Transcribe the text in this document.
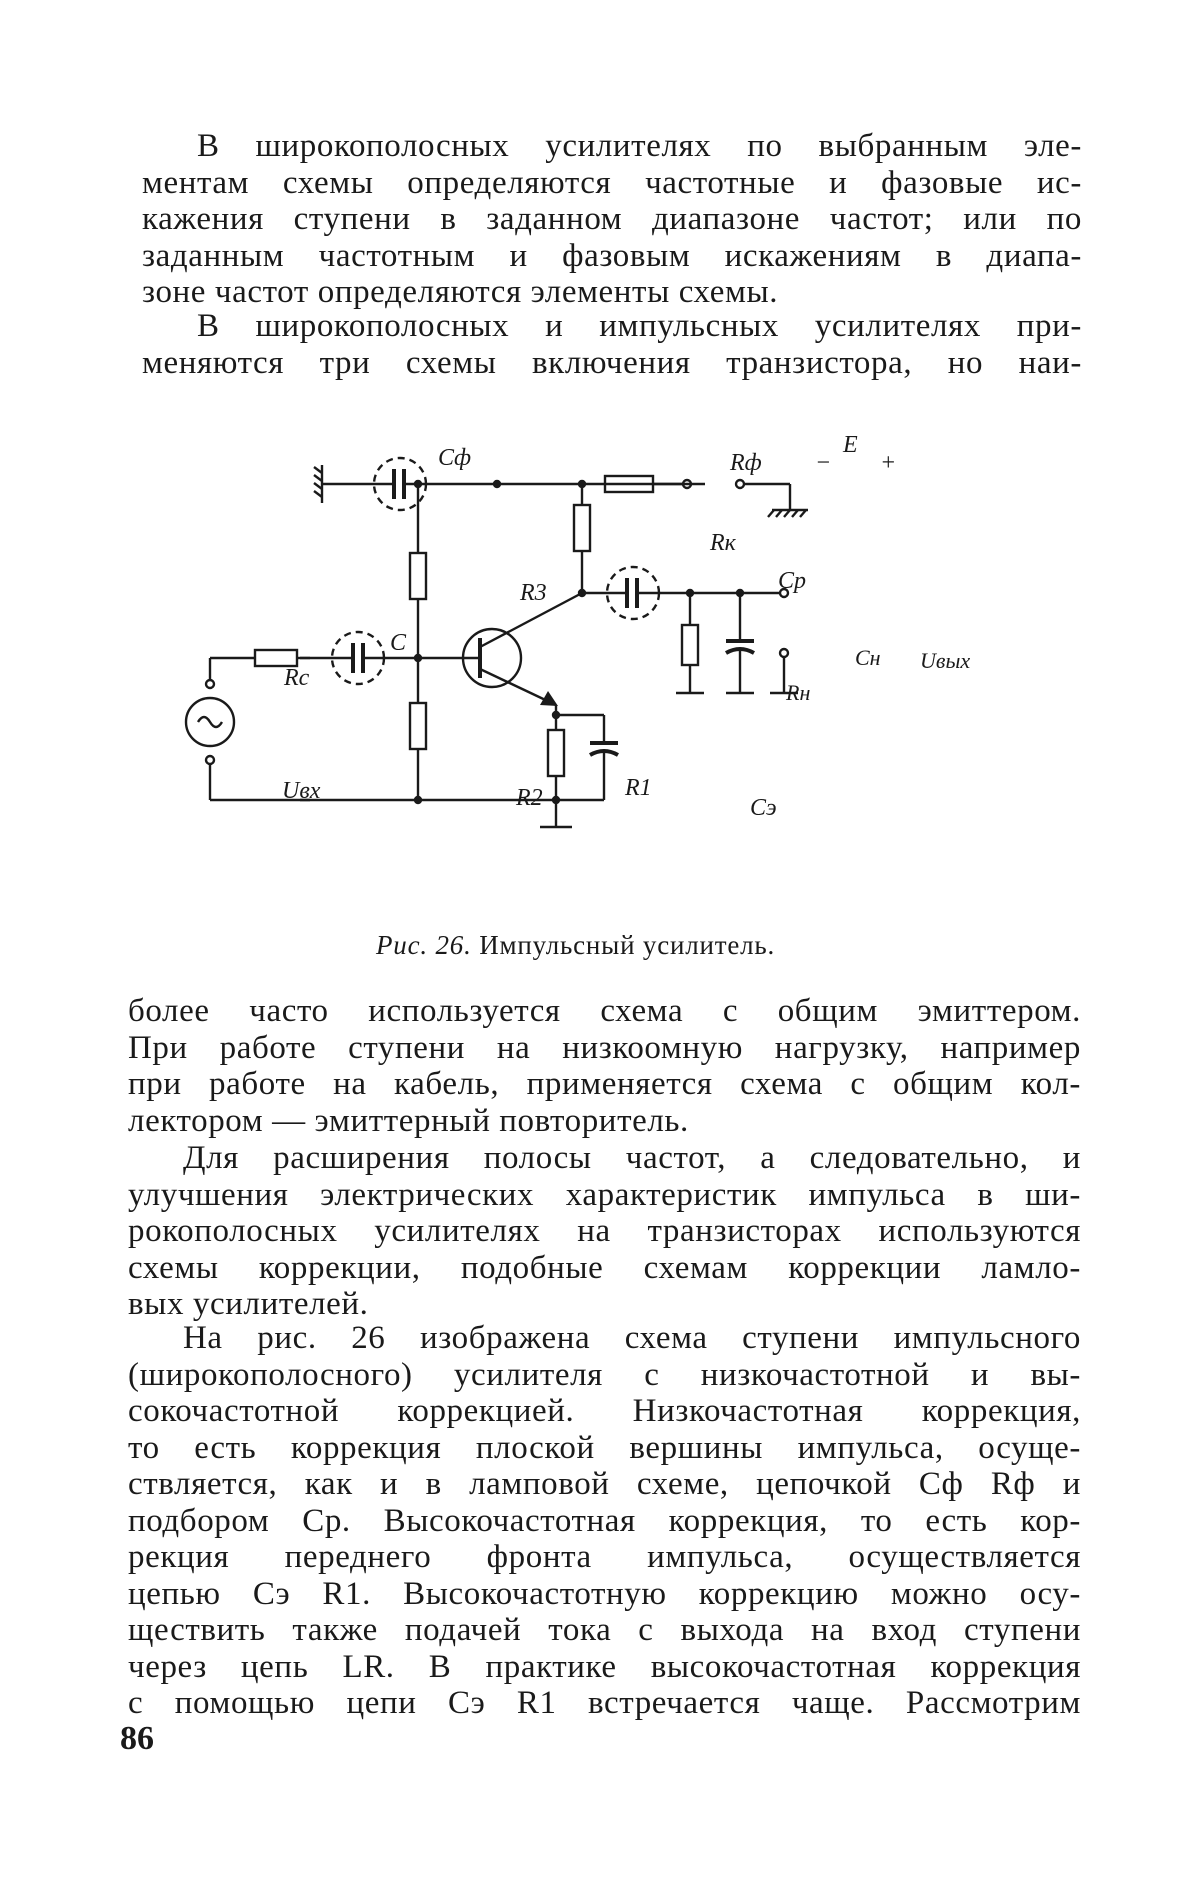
В широкополосных усилителях по выбранным эле-
ментам схемы определяются частотные и фазовые ис-
кажения ступени в заданном диапазоне частот; или по
заданным частотным и фазовым искажениям в диапа-
зоне частот определяются элементы схемы.
В широкополосных и импульсных усилителях при-
меняются три схемы включения транзистора, но наи-
Cф	Rф
E
− +
Rк
Cр
R3
C
Rс
Cн
Rн
Uвых
Uвх	R2	R1
Cэ
Рис. 26. Импульсный усилитель.
более часто используется схема с общим эмиттером.
При работе ступени на низкоомную нагрузку, например
при работе на кабель, применяется схема с общим кол-
лектором — эмиттерный повторитель.
Для расширения полосы частот, а следовательно, и
улучшения электрических характеристик импульса в ши-
рокополосных усилителях на транзисторах используются
схемы коррекции, подобные схемам коррекции ламло-
вых усилителей.
На рис. 26 изображена схема ступени импульсного
(широкополосного) усилителя с низкочастотной и вы-
сокочастотной коррекцией. Низкочастотная коррекция,
то есть коррекция плоской вершины импульса, осуще-
ствляется, как и в ламповой схеме, цепочкой Cф Rф и
подбором Cр. Высокочастотная коррекция, то есть кор-
рекция переднего фронта импульса, осуществляется
цепью Cэ R1. Высокочастотную коррекцию можно осу-
ществить также подачей тока с выхода на вход ступени
через цепь LR. В практике высокочастотная коррекция
с помощью цепи Cэ R1 встречается чаще. Рассмотрим
86
